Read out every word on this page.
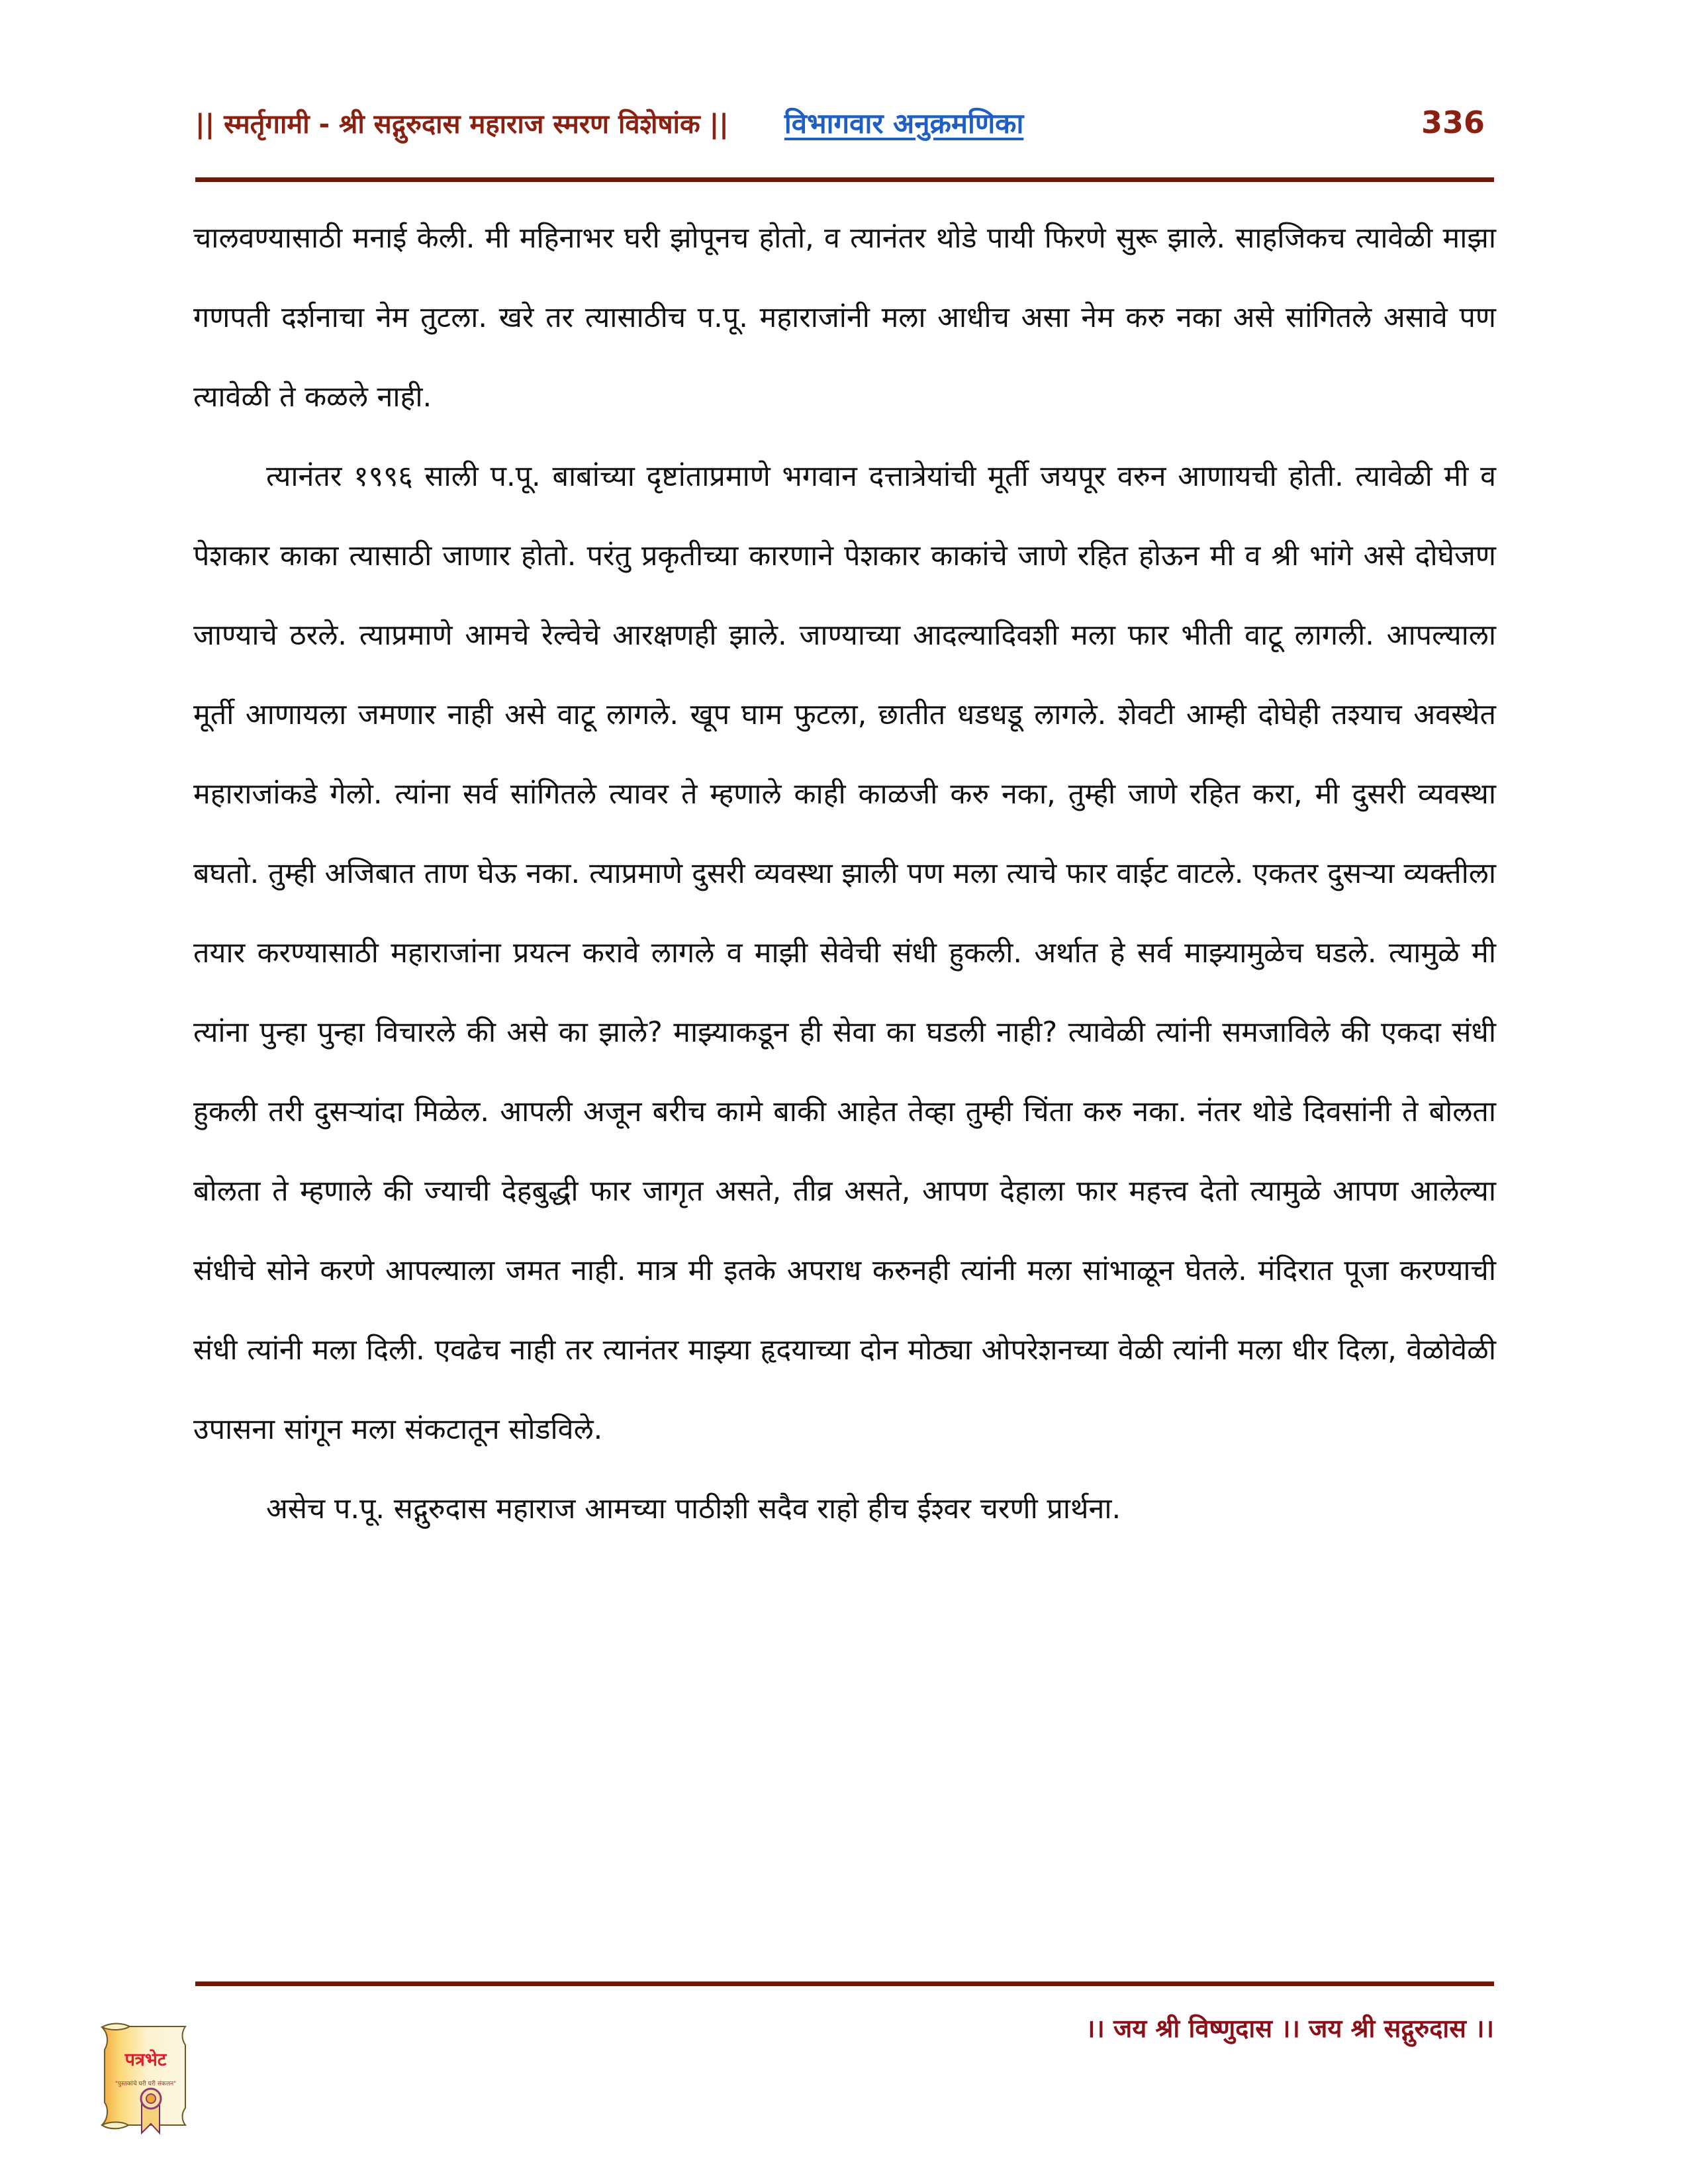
|| स्मर्तृगामी - श्री सद्गुरुदास महाराज स्मरण विशेषांक || विभागवार अनुक्रमणिका	336

चालवण्यासाठी मनाई केली. मी महिनाभर घरी झोपूनच होतो, व त्यानंतर थोडे पायी फिरणे सुरू झाले. साहजिकच त्यावेळी माझा गणपती दर्शनाचा नेम तुटला. खरे तर त्यासाठीच प.पू. महाराजांनी मला आधीच असा नेम करु नका असे सांगितले असावे पण त्यावेळी ते कळले नाही.

त्यानंतर १९९६ साली प.पू. बाबांच्या दृष्टांताप्रमाणे भगवान दत्तात्रेयांची मूर्ती जयपूर वरुन आणायची होती. त्यावेळी मी व पेशकार काका त्यासाठी जाणार होतो. परंतु प्रकृतीच्या कारणाने पेशकार काकांचे जाणे रहित होऊन मी व श्री भांगे असे दोघेजण जाण्याचे ठरले. त्याप्रमाणे आमचे रेल्वेचे आरक्षणही झाले. जाण्याच्या आदल्यादिवशी मला फार भीती वाटू लागली. आपल्याला मूर्ती आणायला जमणार नाही असे वाटू लागले. खूप घाम फुटला, छातीत धडधडू लागले. शेवटी आम्ही दोघेही तश्याच अवस्थेत महाराजांकडे गेलो. त्यांना सर्व सांगितले त्यावर ते म्हणाले काही काळजी करु नका, तुम्ही जाणे रहित करा, मी दुसरी व्यवस्था बघतो. तुम्ही अजिबात ताण घेऊ नका. त्याप्रमाणे दुसरी व्यवस्था झाली पण मला त्याचे फार वाईट वाटले. एकतर दुसऱ्या व्यक्तीला तयार करण्यासाठी महाराजांना प्रयत्न करावे लागले व माझी सेवेची संधी हुकली. अर्थात हे सर्व माझ्यामुळेच घडले. त्यामुळे मी त्यांना पुन्हा पुन्हा विचारले की असे का झाले? माझ्याकडून ही सेवा का घडली नाही? त्यावेळी त्यांनी समजाविले की एकदा संधी हुकली तरी दुसऱ्यांदा मिळेल. आपली अजून बरीच कामे बाकी आहेत तेव्हा तुम्ही चिंता करु नका. नंतर थोडे दिवसांनी ते बोलता बोलता ते म्हणाले की ज्याची देहबुद्धी फार जागृत असते, तीव्र असते, आपण देहाला फार महत्त्व देतो त्यामुळे आपण आलेल्या संधीचे सोने करणे आपल्याला जमत नाही. मात्र मी इतके अपराध करुनही त्यांनी मला सांभाळून घेतले. मंदिरात पूजा करण्याची संधी त्यांनी मला दिली. एवढेच नाही तर त्यानंतर माझ्या हृदयाच्या दोन मोठ्या ओपरेशनच्या वेळी त्यांनी मला धीर दिला, वेळोवेळी उपासना सांगून मला संकटातून सोडविले.

असेच प.पू. सद्गुरुदास महाराज आमच्या पाठीशी सदैव राहो हीच ईश्वर चरणी प्रार्थना.

।। जय श्री विष्णुदास ।। जय श्री सद्गुरुदास ।।
पत्रभेट
"पुस्तकांचे घरी घरी संकलन"
